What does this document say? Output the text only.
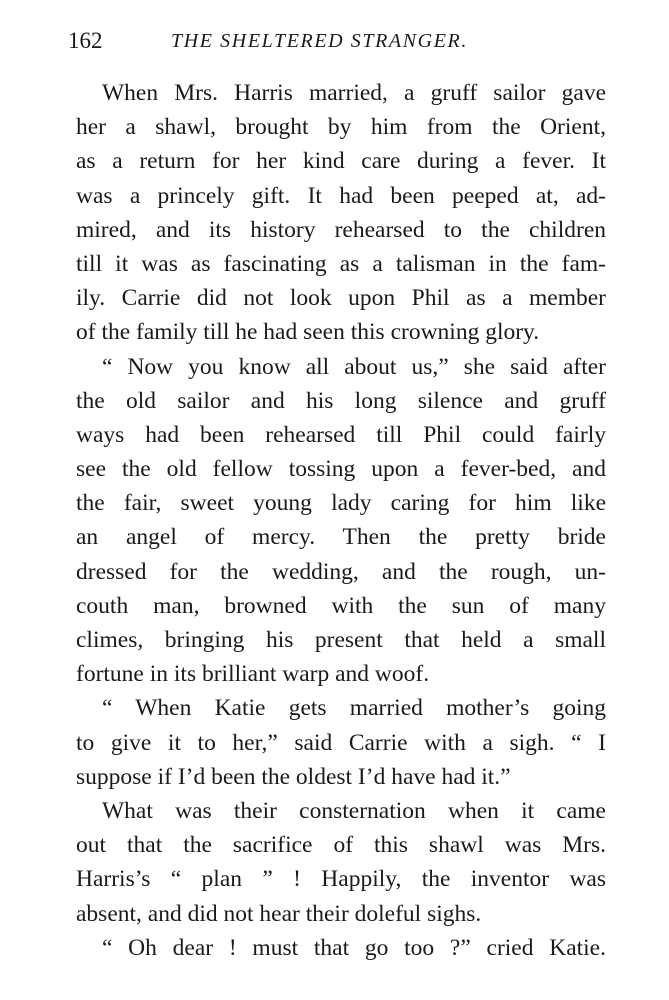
162	THE SHELTERED STRANGER.
When Mrs. Harris married, a gruff sailor gave
her a shawl, brought by him from the Orient,
as a return for her kind care during a fever. It
was a princely gift. It had been peeped at, ad-
mired, and its history rehearsed to the children
till it was as fascinating as a talisman in the fam-
ily. Carrie did not look upon Phil as a member
of the family till he had seen this crowning glory.
“ Now you know all about us,” she said after
the old sailor and his long silence and gruff
ways had been rehearsed till Phil could fairly
see the old fellow tossing upon a fever-bed, and
the fair, sweet young lady caring for him like
an angel of mercy. Then the pretty bride
dressed for the wedding, and the rough, un-
couth man, browned with the sun of many
climes, bringing his present that held a small
fortune in its brilliant warp and woof.
“ When Katie gets married mother’s going
to give it to her,” said Carrie with a sigh. “ I
suppose if I’d been the oldest I’d have had it.”
What was their consternation when it came
out that the sacrifice of this shawl was Mrs.
Harris’s “ plan ” ! Happily, the inventor was
absent, and did not hear their doleful sighs.
“ Oh dear ! must that go too ?” cried Katie.
